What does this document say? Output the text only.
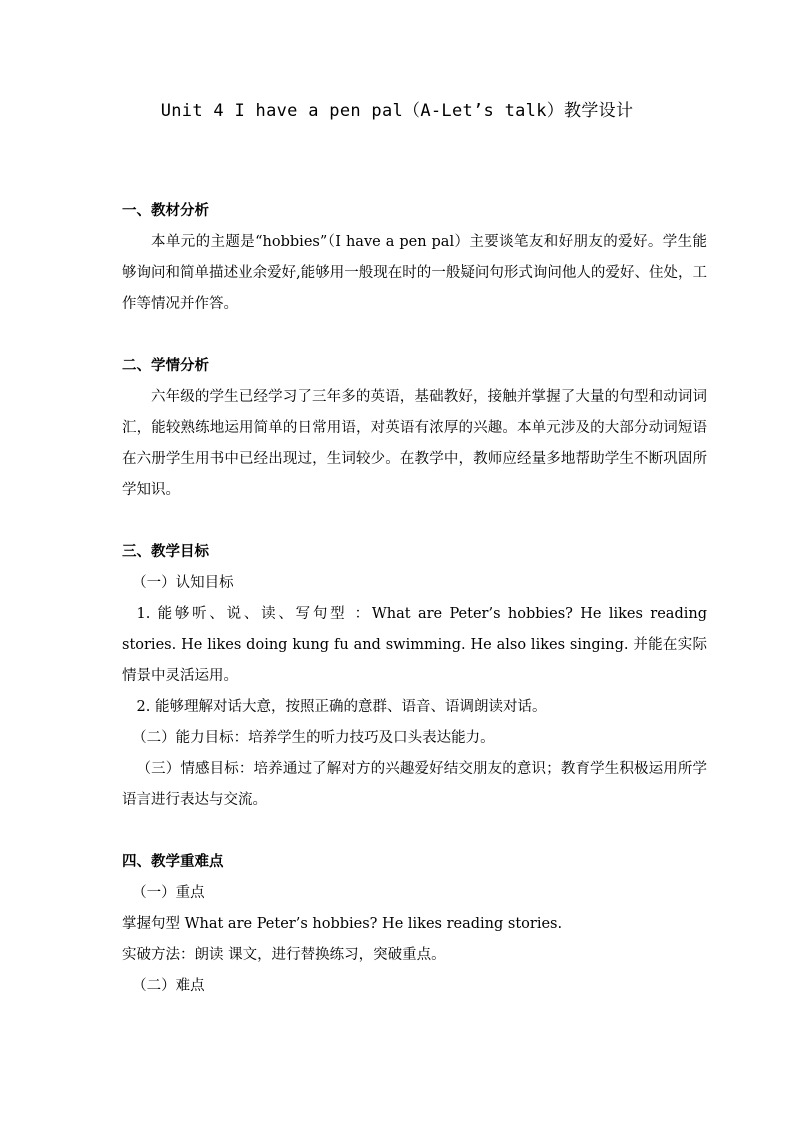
Unit 4 I have a pen pal（A-Let’s talk）教学设计

一、教材分析

本单元的主题是“hobbies”（I have a pen pal）主要谈笔友和好朋友的爱好。学生能够询问和简单描述业余爱好,能够用一般现在时的一般疑问句形式询问他人的爱好、住处，工作等情况并作答。

二、学情分析

六年级的学生已经学习了三年多的英语，基础教好，接触并掌握了大量的句型和动词词汇，能较熟练地运用简单的日常用语，对英语有浓厚的兴趣。本单元涉及的大部分动词短语在六册学生用书中已经出现过，生词较少。在教学中，教师应经量多地帮助学生不断巩固所学知识。

三、教学目标

（一）认知目标

1. 能够听、说、读、写句型 ：What are Peter’s hobbies? He likes reading stories. He likes doing kung fu and swimming. He also likes singing. 并能在实际情景中灵活运用。

2. 能够理解对话大意，按照正确的意群、语音、语调朗读对话。

（二）能力目标：培养学生的听力技巧及口头表达能力。

（三）情感目标：培养通过了解对方的兴趣爱好结交朋友的意识；教育学生积极运用所学语言进行表达与交流。

四、教学重难点

（一）重点

掌握句型 What are Peter’s hobbies? He likes reading stories.

实破方法：朗读 课文，进行替换练习，突破重点。

（二）难点
